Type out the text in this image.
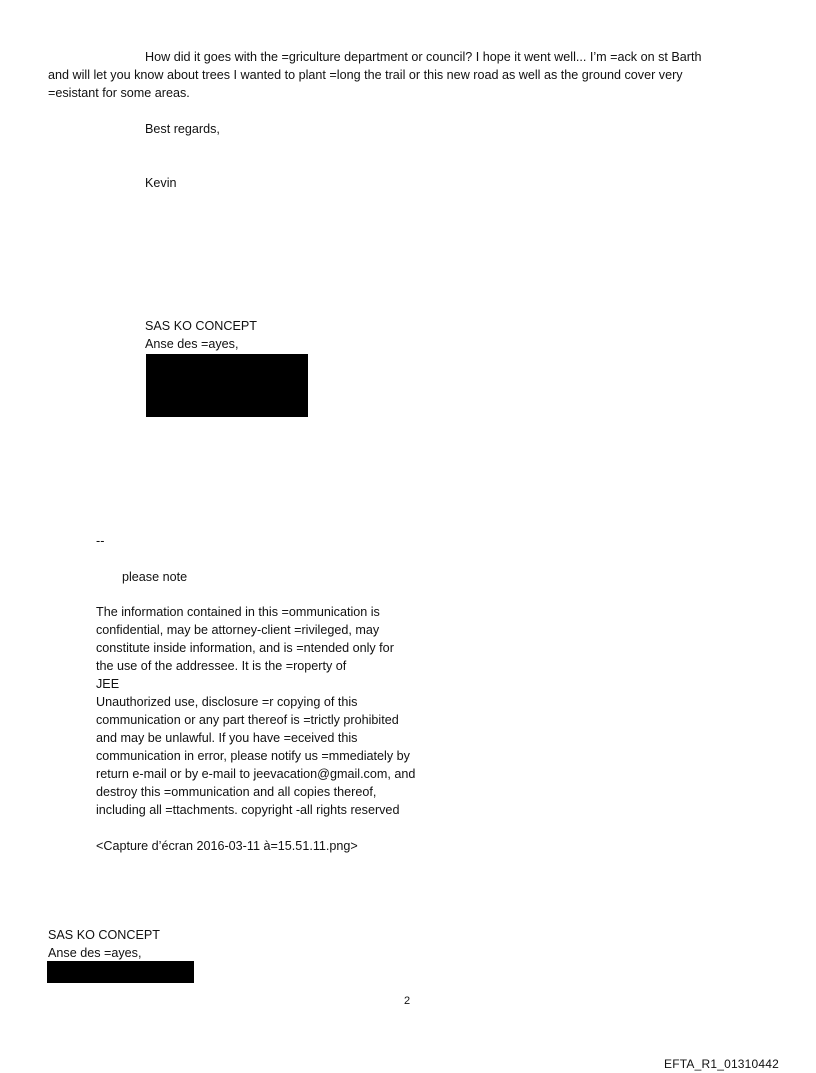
How did it goes with the =griculture department or council? I hope it went well... I’m =ack on st Barth
and will let you know about trees I wanted to plant =long the trail or this new road as well as the ground cover very
=esistant for some areas.
Best regards,
Kevin
SAS KO CONCEPT
Anse des =ayes,
--
please note
The information contained in this =ommunication is
confidential, may be attorney-client =rivileged, may
constitute inside information, and is =ntended only for
the use of the addressee. It is the =roperty of
JEE
Unauthorized use, disclosure =r copying of this
communication or any part thereof is =trictly prohibited
and may be unlawful. If you have =eceived this
communication in error, please notify us =mmediately by
return e-mail or by e-mail to jeevacation@gmail.com, and
destroy this =ommunication and all copies thereof,
including all =ttachments. copyright -all rights reserved
<Capture d’écran 2016-03-11 à=15.51.11.png>
SAS KO CONCEPT
Anse des =ayes,
2
EFTA_R1_01310442
